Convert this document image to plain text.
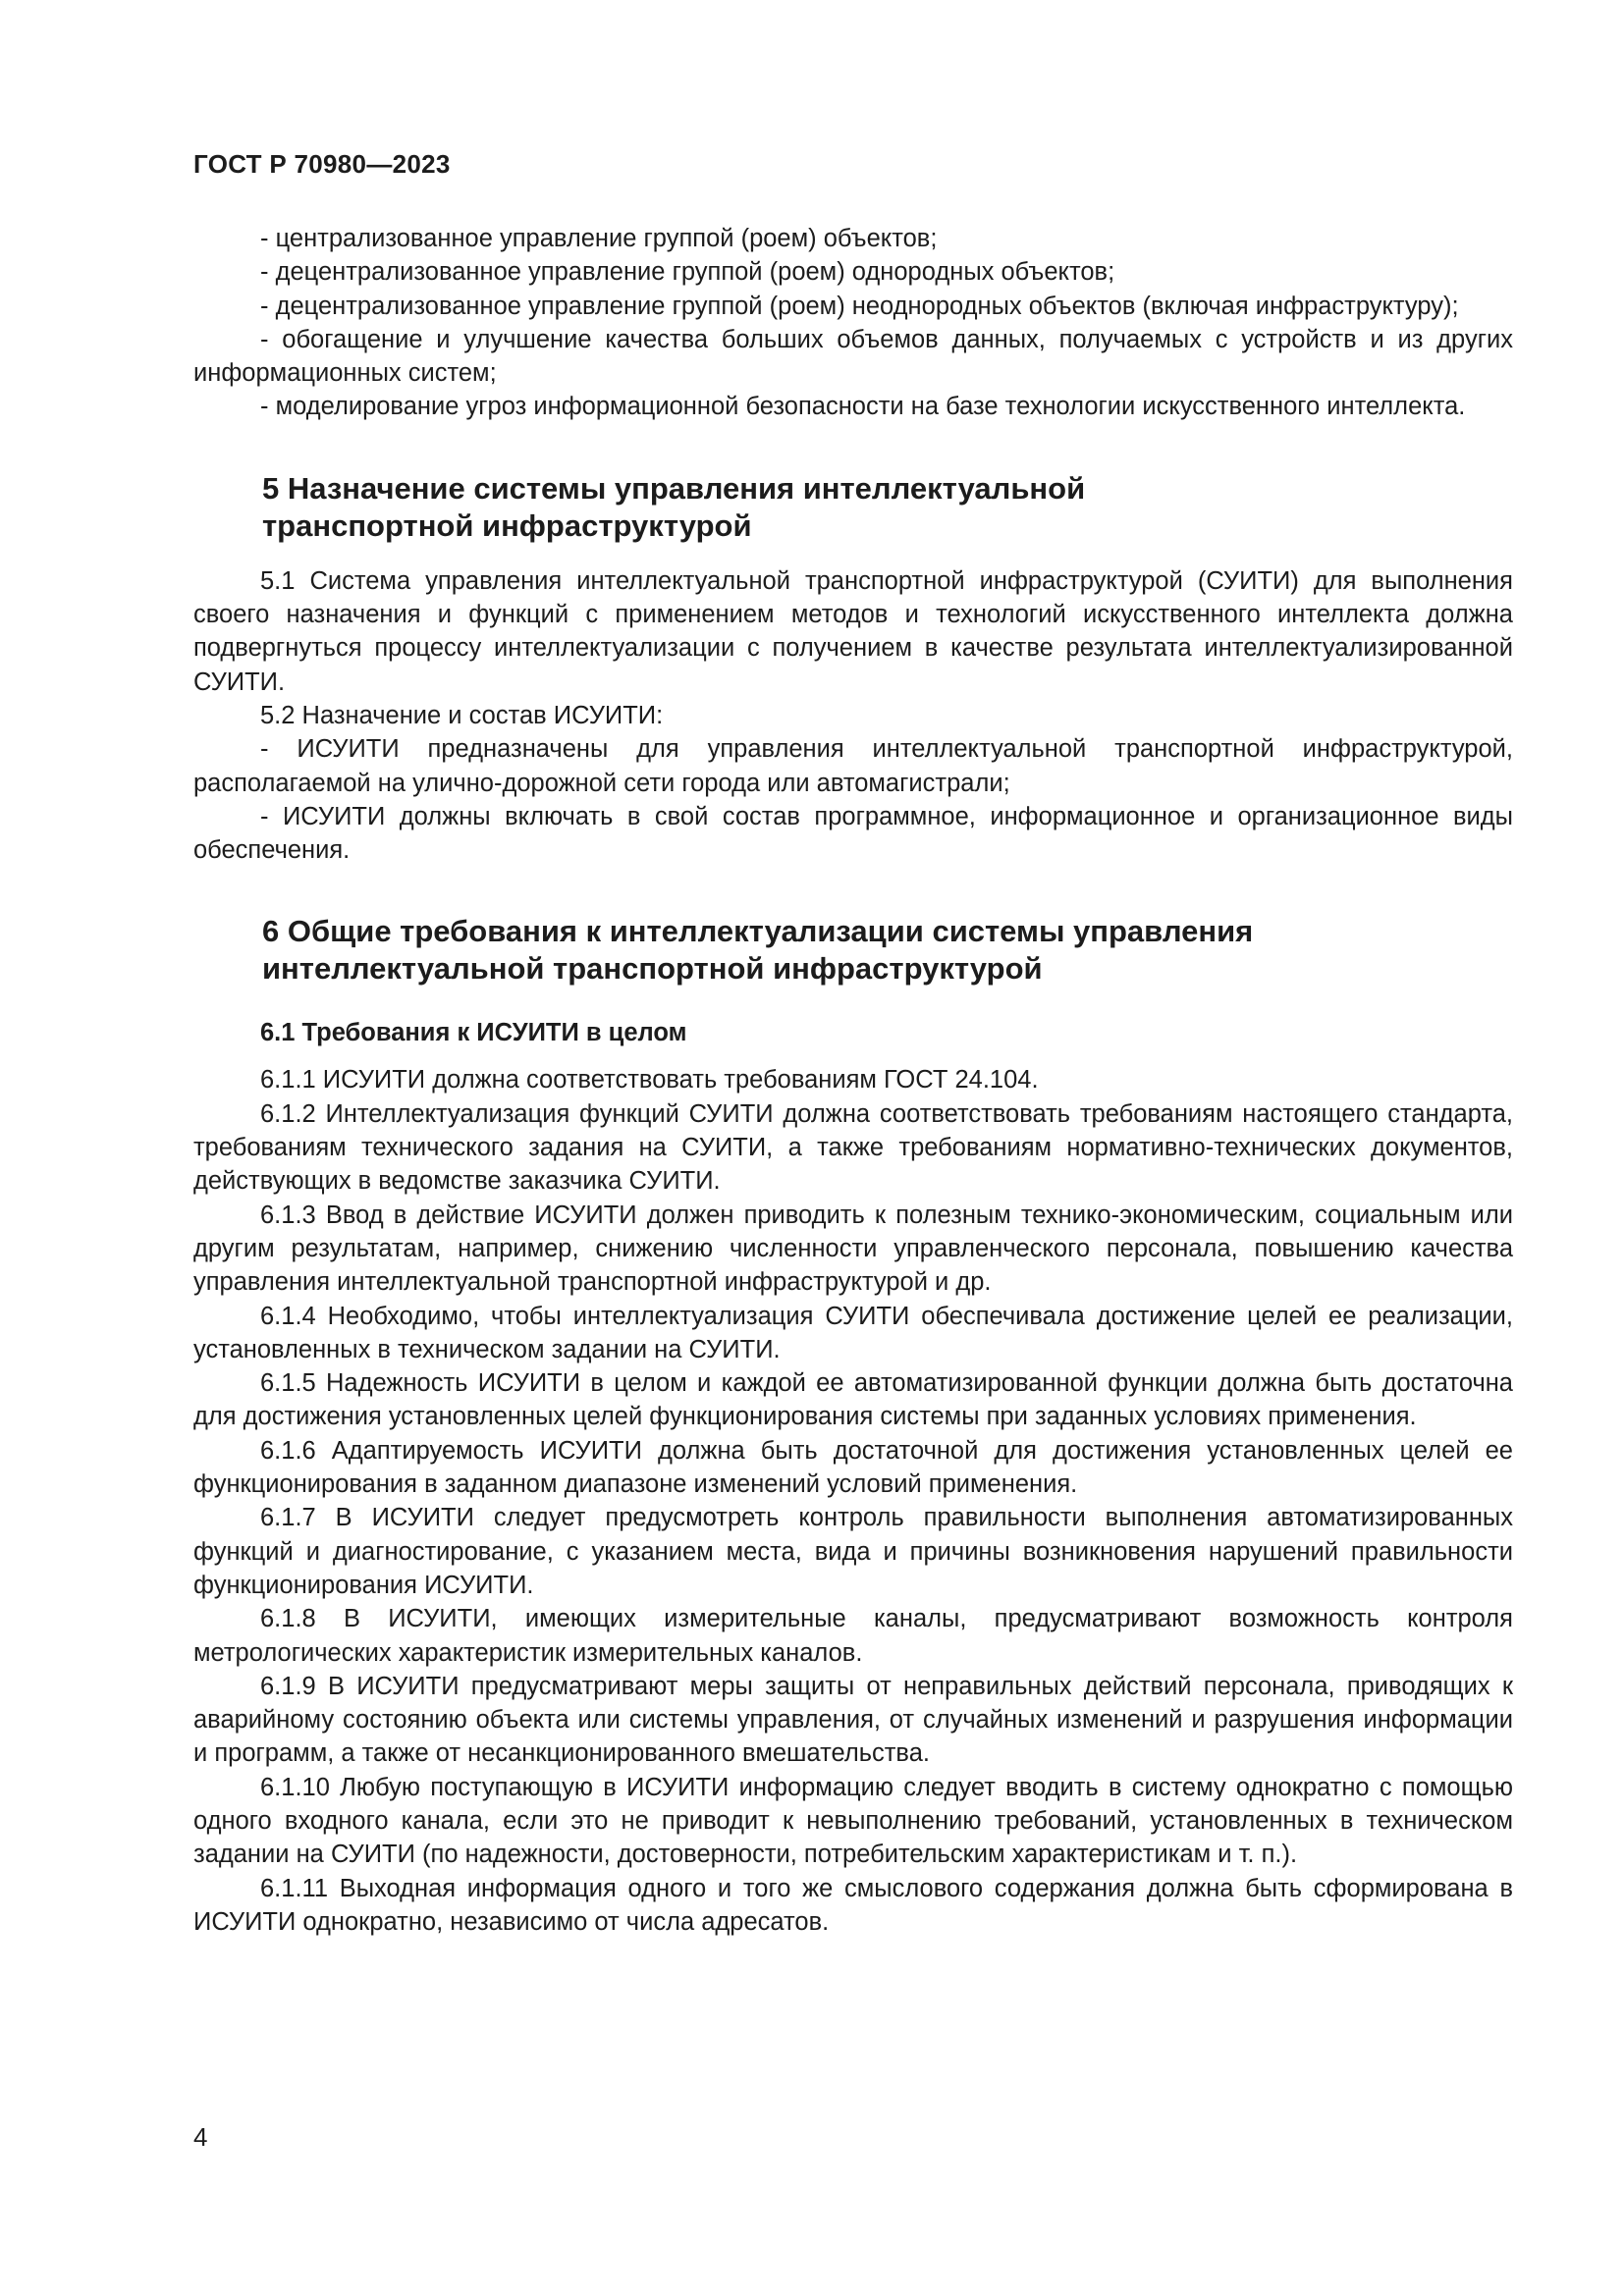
ГОСТ Р 70980—2023

- централизованное управление группой (роем) объектов;

- децентрализованное управление группой (роем) однородных объектов;

- децентрализованное управление группой (роем) неоднородных объектов (включая инфраструктуру);

- обогащение и улучшение качества больших объемов данных, получаемых с устройств и из других информационных систем;

- моделирование угроз информационной безопасности на базе технологии искусственного интеллекта.

5 Назначение системы управления интеллектуальной
транспортной инфраструктурой

5.1 Система управления интеллектуальной транспортной инфраструктурой (СУИТИ) для выполнения своего назначения и функций с применением методов и технологий искусственного интеллекта должна подвергнуться процессу интеллектуализации с получением в качестве результата интеллектуализированной СУИТИ.

5.2 Назначение и состав ИСУИТИ:

- ИСУИТИ предназначены для управления интеллектуальной транспортной инфраструктурой, располагаемой на улично-дорожной сети города или автомагистрали;

- ИСУИТИ должны включать в свой состав программное, информационное и организационное виды обеспечения.

6 Общие требования к интеллектуализации системы управления
интеллектуальной транспортной инфраструктурой
6.1 Требования к ИСУИТИ в целом

6.1.1 ИСУИТИ должна соответствовать требованиям ГОСТ 24.104.

6.1.2 Интеллектуализация функций СУИТИ должна соответствовать требованиям настоящего стандарта, требованиям технического задания на СУИТИ, а также требованиям нормативно-технических документов, действующих в ведомстве заказчика СУИТИ.

6.1.3 Ввод в действие ИСУИТИ должен приводить к полезным технико-экономическим, социальным или другим результатам, например, снижению численности управленческого персонала, повышению качества управления интеллектуальной транспортной инфраструктурой и др.

6.1.4 Необходимо, чтобы интеллектуализация СУИТИ обеспечивала достижение целей ее реализации, установленных в техническом задании на СУИТИ.

6.1.5 Надежность ИСУИТИ в целом и каждой ее автоматизированной функции должна быть достаточна для достижения установленных целей функционирования системы при заданных условиях применения.

6.1.6 Адаптируемость ИСУИТИ должна быть достаточной для достижения установленных целей ее функционирования в заданном диапазоне изменений условий применения.

6.1.7 В ИСУИТИ следует предусмотреть контроль правильности выполнения автоматизированных функций и диагностирование, с указанием места, вида и причины возникновения нарушений правильности функционирования ИСУИТИ.

6.1.8 В ИСУИТИ, имеющих измерительные каналы, предусматривают возможность контроля метрологических характеристик измерительных каналов.

6.1.9 В ИСУИТИ предусматривают меры защиты от неправильных действий персонала, приводящих к аварийному состоянию объекта или системы управления, от случайных изменений и разрушения информации и программ, а также от несанкционированного вмешательства.

6.1.10 Любую поступающую в ИСУИТИ информацию следует вводить в систему однократно с помощью одного входного канала, если это не приводит к невыполнению требований, установленных в техническом задании на СУИТИ (по надежности, достоверности, потребительским характеристикам и т. п.).

6.1.11 Выходная информация одного и того же смыслового содержания должна быть сформирована в ИСУИТИ однократно, независимо от числа адресатов.

4
